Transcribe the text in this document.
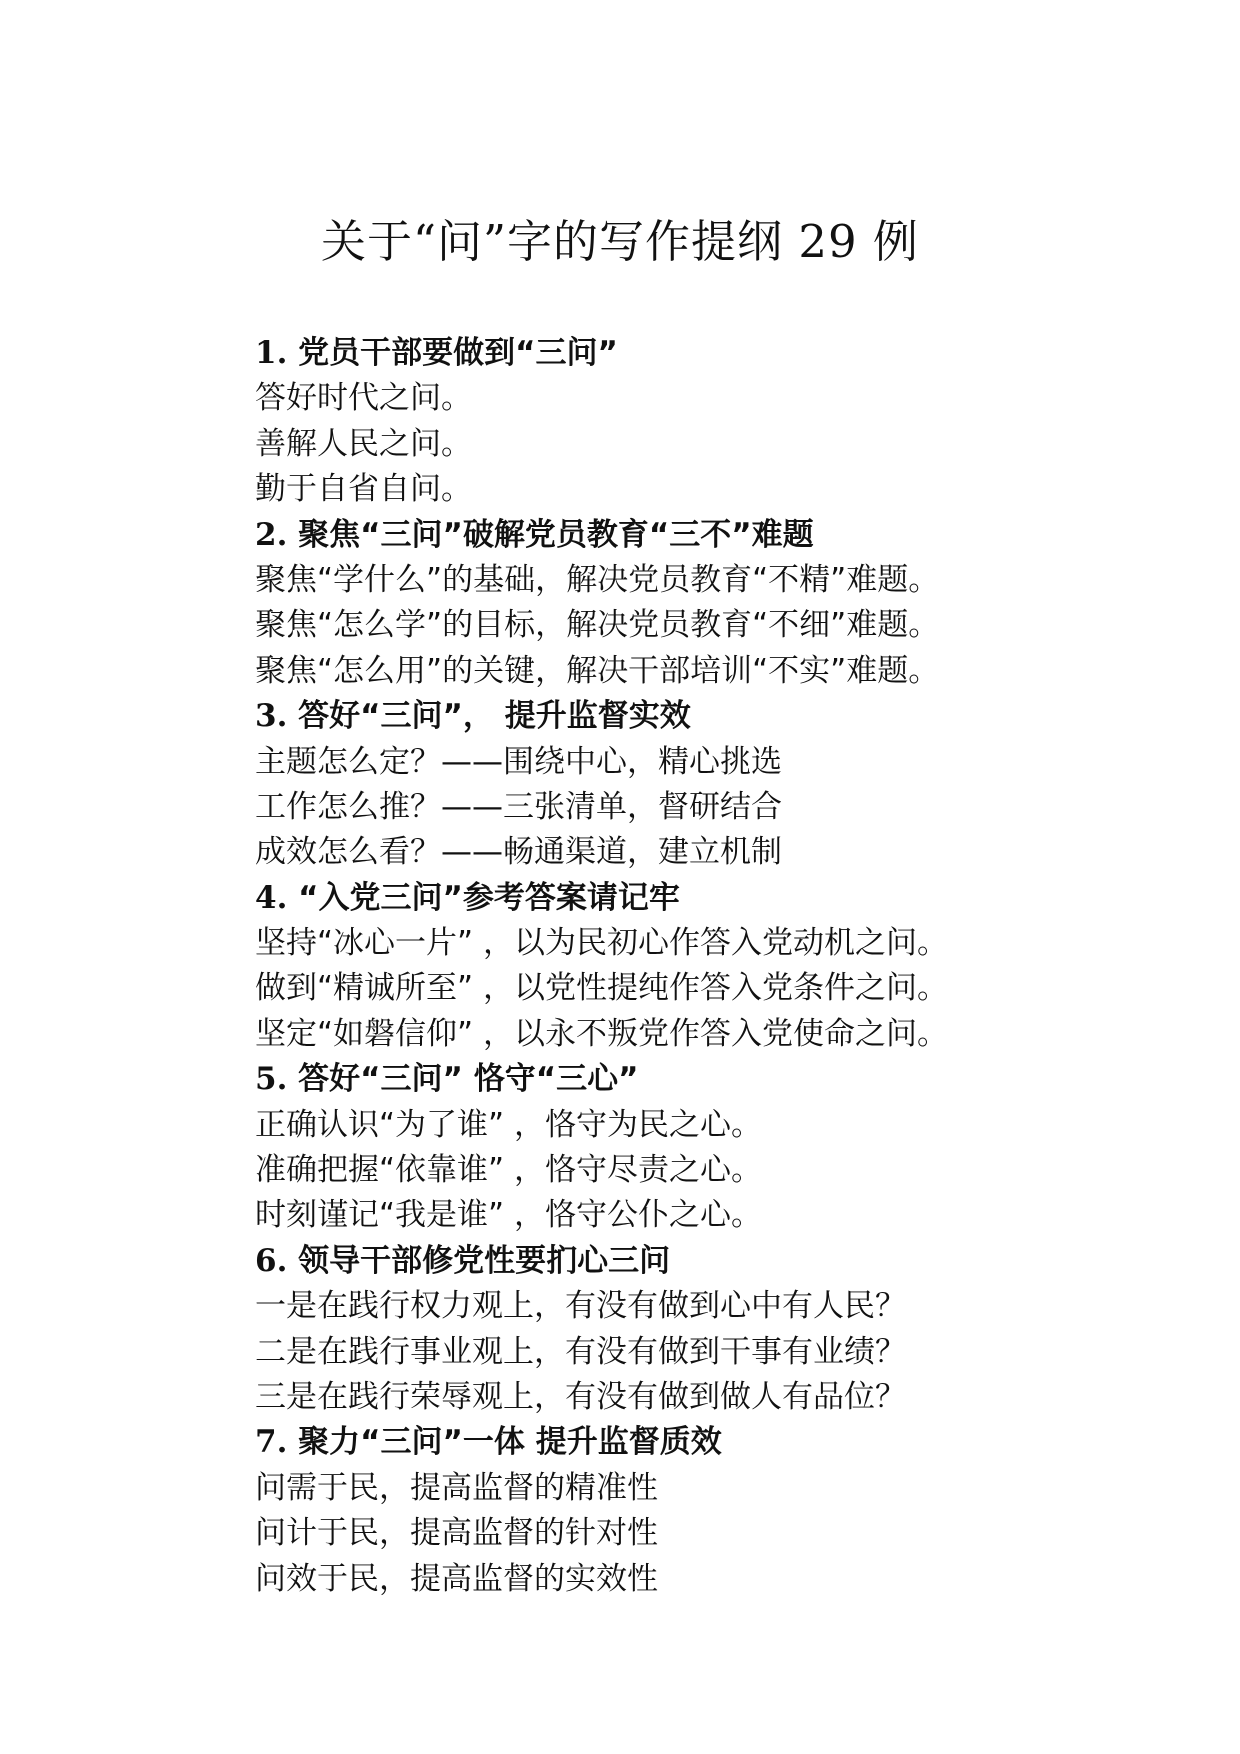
关于“问”字的写作提纲 29 例
1. 党员干部要做到“三问”
答好时代之问。
善解人民之问。
勤于自省自问。
2. 聚焦“三问”破解党员教育“三不”难题
聚焦“学什么”的基础，解决党员教育“不精”难题。
聚焦“怎么学”的目标，解决党员教育“不细”难题。
聚焦“怎么用”的关键，解决干部培训“不实”难题。
3. 答好“三问”， 提升监督实效
主题怎么定？——围绕中心，精心挑选
工作怎么推？——三张清单，督研结合
成效怎么看？——畅通渠道，建立机制
4. “入党三问”参考答案请记牢
坚持“冰心一片” ，以为民初心作答入党动机之问。
做到“精诚所至” ，以党性提纯作答入党条件之问。
坚定“如磐信仰” ，以永不叛党作答入党使命之问。
5. 答好“三问” 恪守“三心”
正确认识“为了谁” ，恪守为民之心。
准确把握“依靠谁” ，恪守尽责之心。
时刻谨记“我是谁” ，恪守公仆之心。
6. 领导干部修党性要扪心三问
一是在践行权力观上，有没有做到心中有人民？
二是在践行事业观上，有没有做到干事有业绩？
三是在践行荣辱观上，有没有做到做人有品位？
7. 聚力“三问”一体 提升监督质效
问需于民，提高监督的精准性
问计于民，提高监督的针对性
问效于民，提高监督的实效性
